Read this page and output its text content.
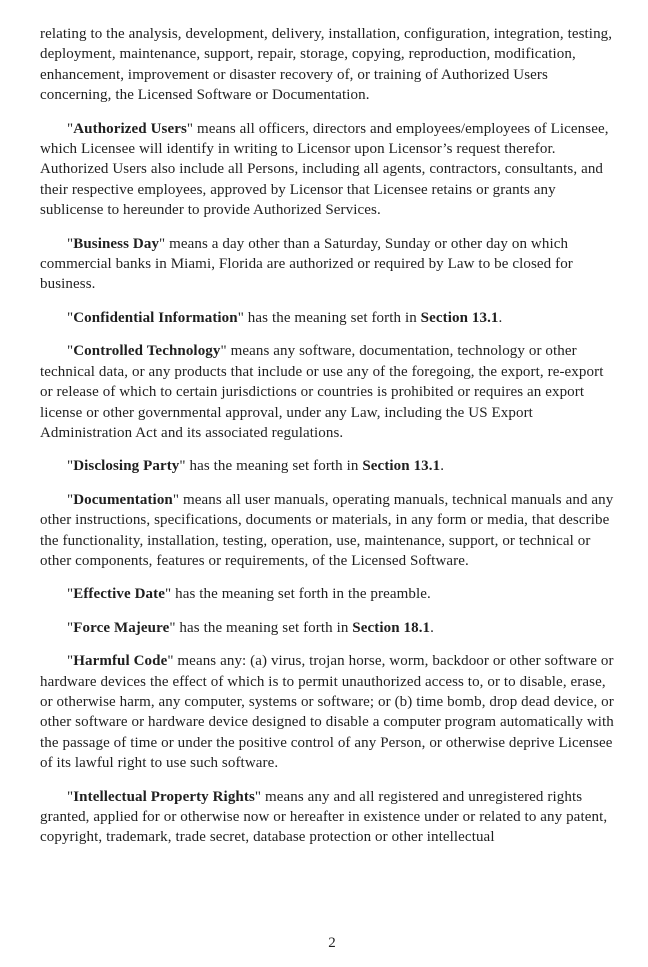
relating to the analysis, development, delivery, installation, configuration, integration, testing, deployment, maintenance, support, repair, storage, copying, reproduction, modification, enhancement, improvement or disaster recovery of, or training of Authorized Users concerning, the Licensed Software or Documentation.

"Authorized Users" means all officers, directors and employees/employees of Licensee, which Licensee will identify in writing to Licensor upon Licensor’s request therefor. Authorized Users also include all Persons, including all agents, contractors, consultants, and their respective employees, approved by Licensor that Licensee retains or grants any sublicense to hereunder to provide Authorized Services.

"Business Day" means a day other than a Saturday, Sunday or other day on which commercial banks in Miami, Florida are authorized or required by Law to be closed for business.

"Confidential Information" has the meaning set forth in Section 13.1.

"Controlled Technology" means any software, documentation, technology or other technical data, or any products that include or use any of the foregoing, the export, re-export or release of which to certain jurisdictions or countries is prohibited or requires an export license or other governmental approval, under any Law, including the US Export Administration Act and its associated regulations.

"Disclosing Party" has the meaning set forth in Section 13.1.

"Documentation" means all user manuals, operating manuals, technical manuals and any other instructions, specifications, documents or materials, in any form or media, that describe the functionality, installation, testing, operation, use, maintenance, support, or technical or other components, features or requirements, of the Licensed Software.

"Effective Date" has the meaning set forth in the preamble.

"Force Majeure" has the meaning set forth in Section 18.1.

"Harmful Code" means any: (a) virus, trojan horse, worm, backdoor or other software or hardware devices the effect of which is to permit unauthorized access to, or to disable, erase, or otherwise harm, any computer, systems or software; or (b) time bomb, drop dead device, or other software or hardware device designed to disable a computer program automatically with the passage of time or under the positive control of any Person, or otherwise deprive Licensee of its lawful right to use such software.

"Intellectual Property Rights" means any and all registered and unregistered rights granted, applied for or otherwise now or hereafter in existence under or related to any patent, copyright, trademark, trade secret, database protection or other intellectual

2
